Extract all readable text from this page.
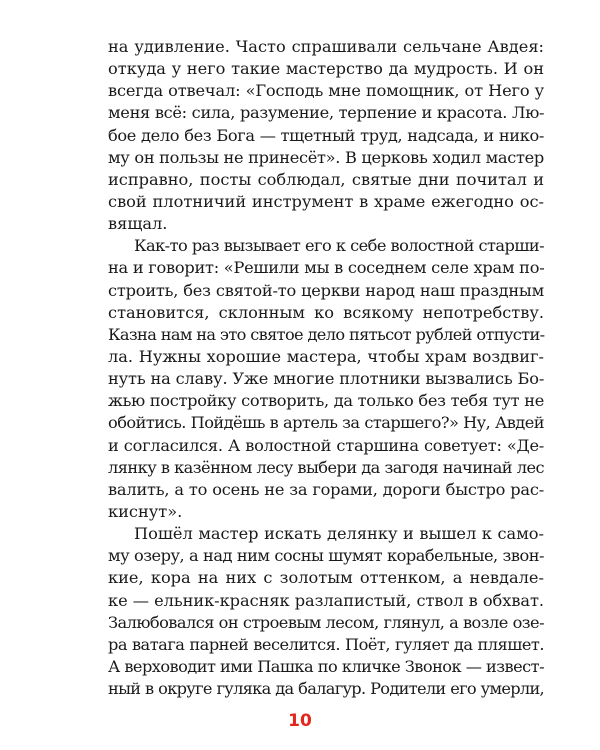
на удивление. Часто спрашивали сельчане Авдея:
откуда у него такие мастерство да мудрость. И он
всегда отвечал: «Господь мне помощник, от Него у
меня всё: сила, разумение, терпение и красота. Лю-
бое дело без Бога — тщетный труд, надсада, и нико-
му он пользы не принесёт». В церковь ходил мастер
исправно, посты соблюдал, святые дни почитал и
свой плотничий инструмент в храме ежегодно ос-
вящал.
Как-то раз вызывает его к себе волостной старши-
на и говорит: «Решили мы в соседнем селе храм по-
строить, без святой-то церкви народ наш праздным
становится, склонным ко всякому непотребству.
Казна нам на это святое дело пятьсот рублей отпусти-
ла. Нужны хорошие мастера, чтобы храм воздвиг-
нуть на славу. Уже многие плотники вызвались Бо-
жью постройку сотворить, да только без тебя тут не
обойтись. Пойдёшь в артель за старшего?» Ну, Авдей
и согласился. А волостной старшина советует: «Де-
лянку в казённом лесу выбери да загодя начинай лес
валить, а то осень не за горами, дороги быстро рас-
киснут».
Пошёл мастер искать делянку и вышел к само-
му озеру, а над ним сосны шумят корабельные, звон-
кие, кора на них с золотым оттенком, а невдале-
ке — ельник-красняк разлапистый, ствол в обхват.
Залюбовался он строевым лесом, глянул, а возле озе-
ра ватага парней веселится. Поёт, гуляет да пляшет.
А верховодит ими Пашка по кличке Звонок — извест-
ный в округе гуляка да балагур. Родители его умерли,
10
